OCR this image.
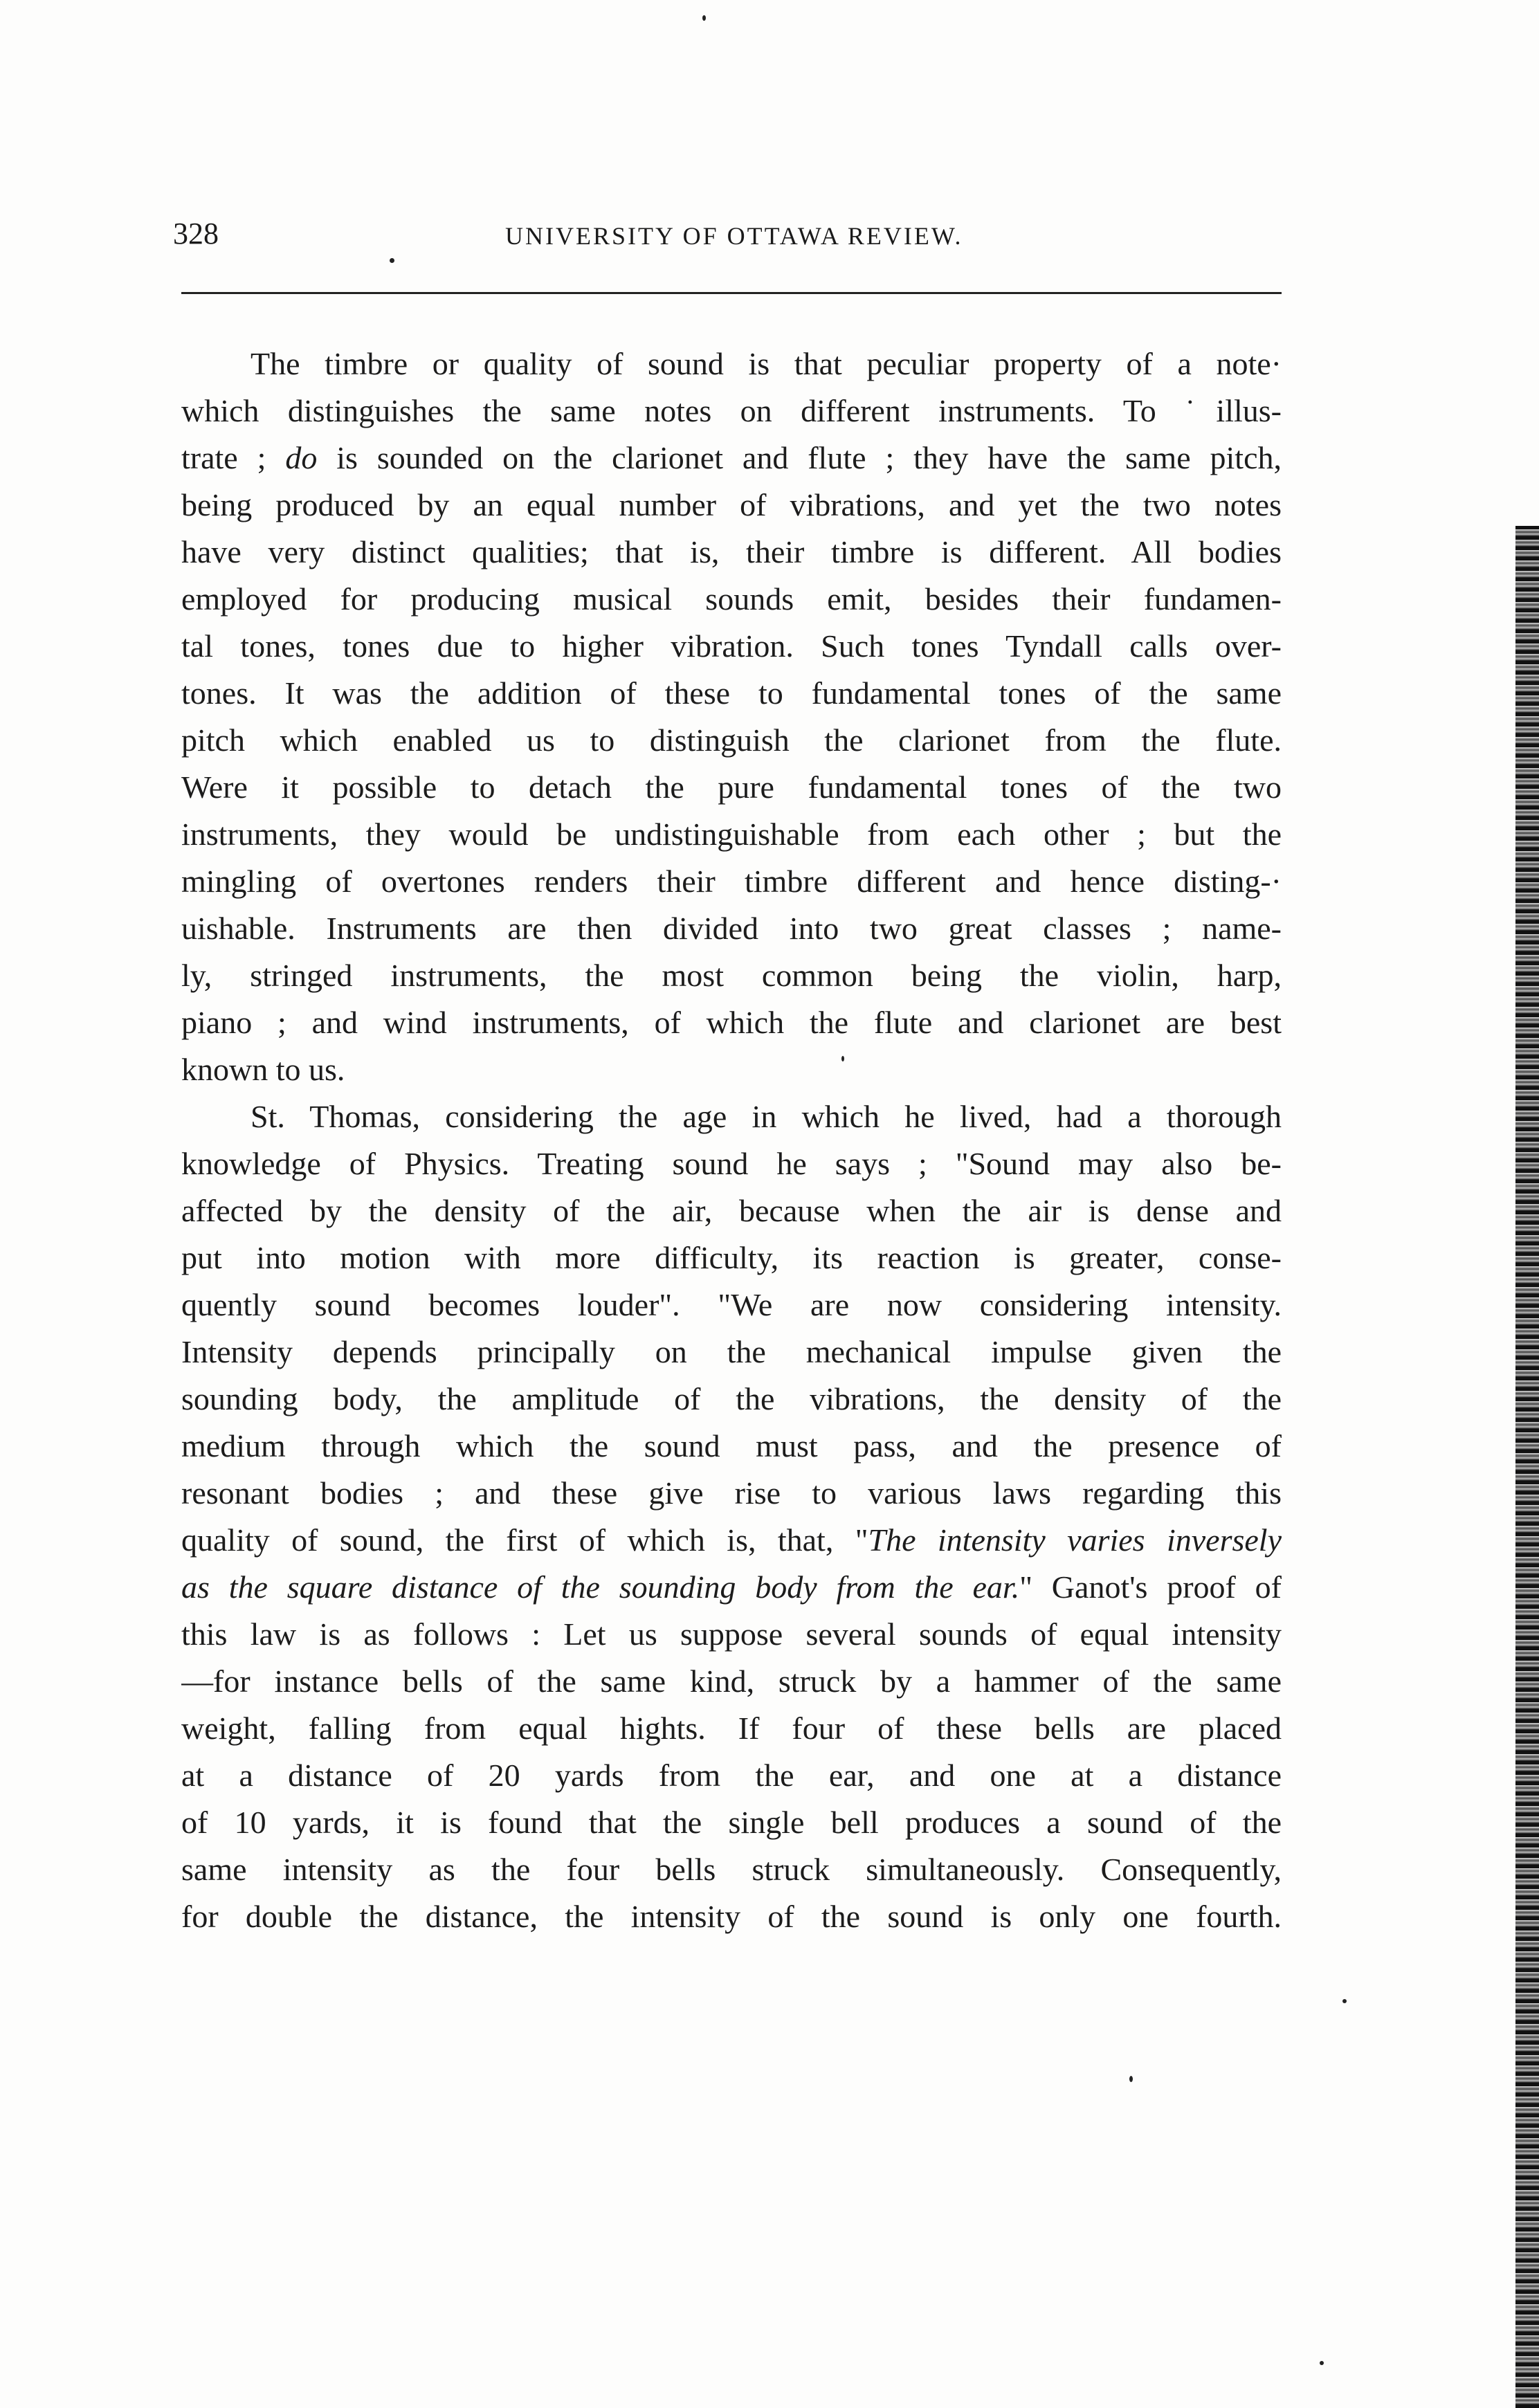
328	UNIVERSITY OF OTTAWA REVIEW.
The timbre or quality of sound is that peculiar property of a note·
which distinguishes the same notes on different instruments. To ˙illus-
trate ; do is sounded on the clarionet and flute ; they have the same pitch,
being produced by an equal number of vibrations, and yet the two notes
have very distinct qualities; that is, their timbre is different. All bodies
employed for producing musical sounds emit, besides their fundamen-
tal tones, tones due to higher vibration. Such tones Tyndall calls over-
tones. It was the addition of these to fundamental tones of the same
pitch which enabled us to distinguish the clarionet from the flute.
Were it possible to detach the pure fundamental tones of the two
instruments, they would be undistinguishable from each other ; but the
mingling of overtones renders their timbre different and hence disting-·
uishable. Instruments are then divided into two great classes ; name-
ly, stringed instruments, the most common being the violin, harp,
piano ; and wind instruments, of which the flute and clarionet are best
known to us.
St. Thomas, considering the age in which he lived, had a thorough
knowledge of Physics. Treating sound he says ; "Sound may also be-
affected by the density of the air, because when the air is dense and
put into motion with more difficulty, its reaction is greater, conse-
quently sound becomes louder". "We are now considering intensity.
Intensity depends principally on the mechanical impulse given the
sounding body, the amplitude of the vibrations, the density of the
medium through which the sound must pass, and the presence of
resonant bodies ; and these give rise to various laws regarding this
quality of sound, the first of which is, that, "The intensity varies inversely
as the square distance of the sounding body from the ear." Ganot's proof of
this law is as follows : Let us suppose several sounds of equal intensity
—for instance bells of the same kind, struck by a hammer of the same
weight, falling from equal hights. If four of these bells are placed
at a distance of 20 yards from the ear, and one at a distance
of 10 yards, it is found that the single bell produces a sound of the
same intensity as the four bells struck simultaneously. Consequently,
for double the distance, the intensity of the sound is only one fourth.
